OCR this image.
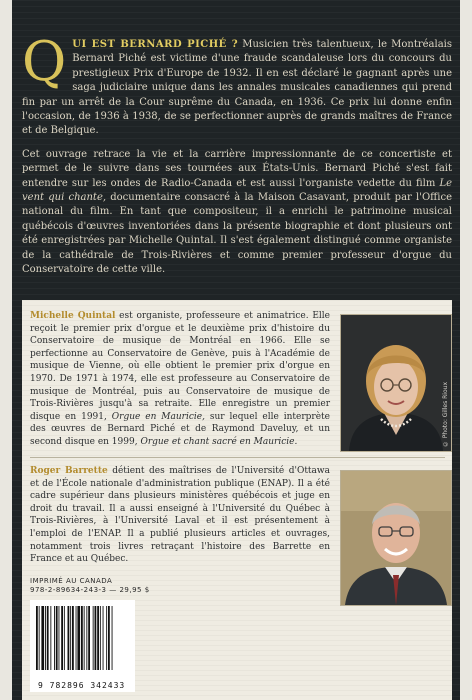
QUI EST BERNARD PICHÉ ? Musicien très talentueux, le Montréalais Bernard Piché est victime d'une fraude scandaleuse lors du concours du prestigieux Prix d'Europe de 1932. Il en est déclaré le gagnant après une saga judiciaire unique dans les annales musicales canadiennes qui prend fin par un arrêt de la Cour suprême du Canada, en 1936. Ce prix lui donne enfin l'occasion, de 1936 à 1938, de se perfectionner auprès de grands maîtres de France et de Belgique.

Cet ouvrage retrace la vie et la carrière impressionnante de ce concertiste et permet de le suivre dans ses tournées aux États-Unis. Bernard Piché s'est fait entendre sur les ondes de Radio-Canada et est aussi l'organiste vedette du film Le vent qui chante, documentaire consacré à la Maison Casavant, produit par l'Office national du film. En tant que compositeur, il a enrichi le patrimoine musical québécois d'œuvres inventoriées dans la présente biographie et dont plusieurs ont été enregistrées par Michelle Quintal. Il s'est également distingué comme organiste de la cathédrale de Trois-Rivières et comme premier professeur d'orgue du Conservatoire de cette ville.

Michelle Quintal est organiste, professeure et animatrice. Elle reçoit le premier prix d'orgue et le deuxième prix d'histoire du Conservatoire de musique de Montréal en 1966. Elle se perfectionne au Conservatoire de Genève, puis à l'Académie de musique de Vienne, où elle obtient le premier prix d'orgue en 1970. De 1971 à 1974, elle est professeure au Conservatoire de musique de Montréal, puis au Conservatoire de musique de Trois-Rivières jusqu'à sa retraite. Elle enregistre un premier disque en 1991, Orgue en Mauricie, sur lequel elle interprète des œuvres de Bernard Piché et de Raymond Daveluy, et un second disque en 1999, Orgue et chant sacré en Mauricie.	© Photo: Gilles Rioux
Roger Barrette détient des maîtrises de l'Université d'Ottawa et de l'École nationale d'administration publique (ENAP). Il a été cadre supérieur dans plusieurs ministères québécois et juge en droit du travail. Il a aussi enseigné à l'Université du Québec à Trois-Rivières, à l'Université Laval et il est présentement à l'emploi de l'ENAP. Il a publié plusieurs articles et ouvrages, notamment trois livres retraçant l'histoire des Barrette en France et au Québec.
IMPRIMÉ AU CANADA
978-2-89634-243-3 — 29,95 $
9 782896 342433
